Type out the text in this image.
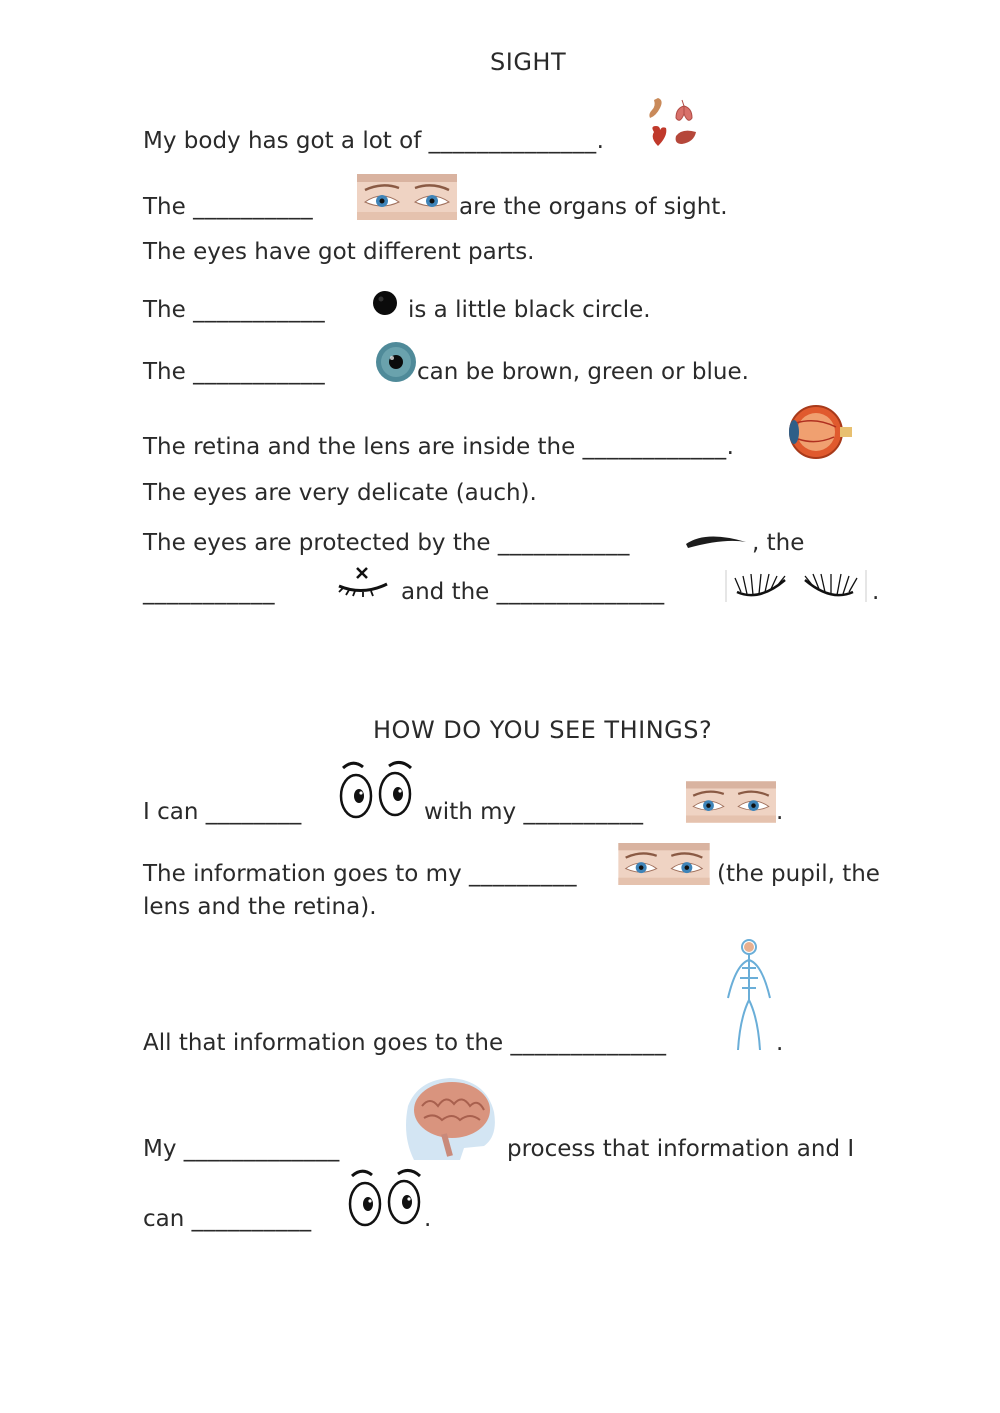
SIGHT
My body has got a lot of ______________.
The __________	are the organs of sight.
The eyes have got different parts.
The ___________	is a little black circle.
The ___________	can be brown, green or blue.
The retina and the lens are inside the ____________.
The eyes are very delicate (auch).
The eyes are protected by the ___________	, the
___________	and the ______________	.
HOW DO YOU SEE THINGS?
I can ________	with my __________	.
The information goes to my _________	(the pupil, the
lens and the retina).
All that information goes to the _____________	.
My _____________	process that information and I
can __________	.
